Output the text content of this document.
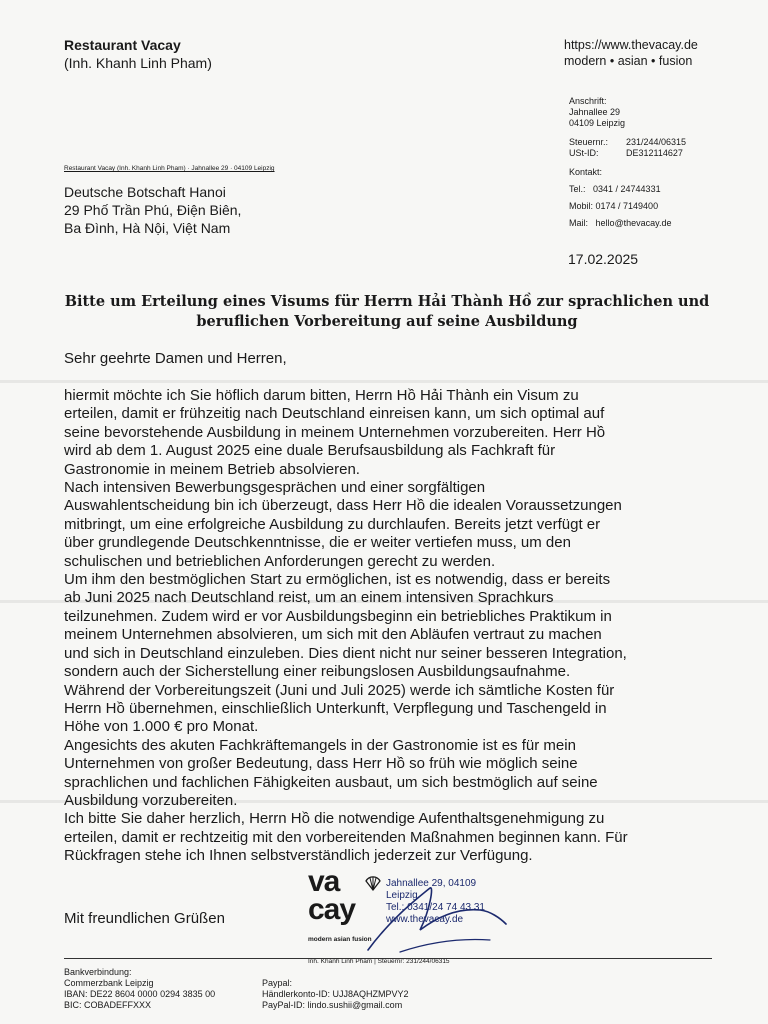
Restaurant Vacay
(Inh. Khanh Linh Pham)
https://www.thevacay.de
modern • asian • fusion
Anschrift:
Jahnallee 29
04109 Leipzig
Steuernr.: 231/244/06315
USt-ID:	DE312114627
Kontakt:
Tel.:   0341 / 24744331
Mobil: 0174 / 7149400
Mail:   hello@thevacay.de
Restaurant Vacay (Inh. Khanh Linh Pham) · Jahnallee 29 · 04109 Leipzig
Deutsche Botschaft Hanoi
29 Phố Trần Phú, Điện Biên,
Ba Đình, Hà Nội, Việt Nam
17.02.2025
Bitte um Erteilung eines Visums für Herrn Hải Thành Hồ zur sprachlichen und
beruflichen Vorbereitung auf seine Ausbildung
Sehr geehrte Damen und Herren,

hiermit möchte ich Sie höflich darum bitten, Herrn Hồ Hải Thành ein Visum zu

erteilen, damit er frühzeitig nach Deutschland einreisen kann, um sich optimal auf

seine bevorstehende Ausbildung in meinem Unternehmen vorzubereiten. Herr Hồ

wird ab dem 1. August 2025 eine duale Berufsausbildung als Fachkraft für

Gastronomie in meinem Betrieb absolvieren.

Nach intensiven Bewerbungsgesprächen und einer sorgfältigen

Auswahlentscheidung bin ich überzeugt, dass Herr Hồ die idealen Voraussetzungen

mitbringt, um eine erfolgreiche Ausbildung zu durchlaufen. Bereits jetzt verfügt er

über grundlegende Deutschkenntnisse, die er weiter vertiefen muss, um den

schulischen und betrieblichen Anforderungen gerecht zu werden.

Um ihm den bestmöglichen Start zu ermöglichen, ist es notwendig, dass er bereits

ab Juni 2025 nach Deutschland reist, um an einem intensiven Sprachkurs

teilzunehmen. Zudem wird er vor Ausbildungsbeginn ein betriebliches Praktikum in

meinem Unternehmen absolvieren, um sich mit den Abläufen vertraut zu machen

und sich in Deutschland einzuleben. Dies dient nicht nur seiner besseren Integration,

sondern auch der Sicherstellung einer reibungslosen Ausbildungsaufnahme.

Während der Vorbereitungszeit (Juni und Juli 2025) werde ich sämtliche Kosten für

Herrn Hồ übernehmen, einschließlich Unterkunft, Verpflegung und Taschengeld in

Höhe von 1.000 € pro Monat.

Angesichts des akuten Fachkräftemangels in der Gastronomie ist es für mein

Unternehmen von großer Bedeutung, dass Herr Hồ so früh wie möglich seine

sprachlichen und fachlichen Fähigkeiten ausbaut, um sich bestmöglich auf seine

Ausbildung vorzubereiten.

Ich bitte Sie daher herzlich, Herrn Hồ die notwendige Aufenthaltsgenehmigung zu

erteilen, damit er rechtzeitig mit den vorbereitenden Maßnahmen beginnen kann. Für

Rückfragen stehe ich Ihnen selbstverständlich jederzeit zur Verfügung.

Mit freundlichen Grüßen
va
cay
Jahnallee 29, 04109
Leipzig
Tel.: 0341/24 74 43 31
www.thevacay.de
modern asian fusion
Inh. Khanh Linh Pham | Steuernr: 231/244/06315
Bankverbindung:
Commerzbank Leipzig
IBAN: DE22 8604 0000 0294 3835 00
BIC: COBADEFFXXX
Paypal:
Händlerkonto-ID: UJJ8AQHZMPVY2
PayPal-ID: lindo.sushii@gmail.com
